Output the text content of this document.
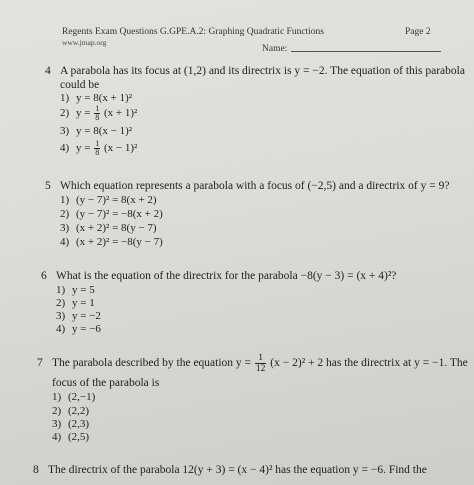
Regents Exam Questions G.GPE.A.2: Graphing Quadratic Functions
www.jmap.org
Page 2
Name:
4 A parabola has its focus at (1,2) and its directrix is y = −2. The equation of this parabola
could be
1) y = 8(x + 1)²
2) $y = \frac{1}{8} (x + 1)^2$
3) y = 8(x − 1)²
4) $y = \frac{1}{8} (x - 1)^2$
5 Which equation represents a parabola with a focus of (−2,5) and a directrix of y = 9?
1) (y − 7)² = 8(x + 2)
2) (y − 7)² = −8(x + 2)
3) (x + 2)² = 8(y − 7)
4) (x + 2)² = −8(y − 7)
6 What is the equation of the directrix for the parabola −8(y − 3) = (x + 4)²?
1) y = 5
2) y = 1
3) y = −2
4) y = −6
7 The parabola described by the equation $y = \frac{1}{12} (x - 2)^2 + 2$ has the directrix at y = −1. The
focus of the parabola is
1) (2,−1)
2) (2,2)
3) (2,3)
4) (2,5)
8 The directrix of the parabola 12(y + 3) = (x − 4)² has the equation y = −6. Find the
